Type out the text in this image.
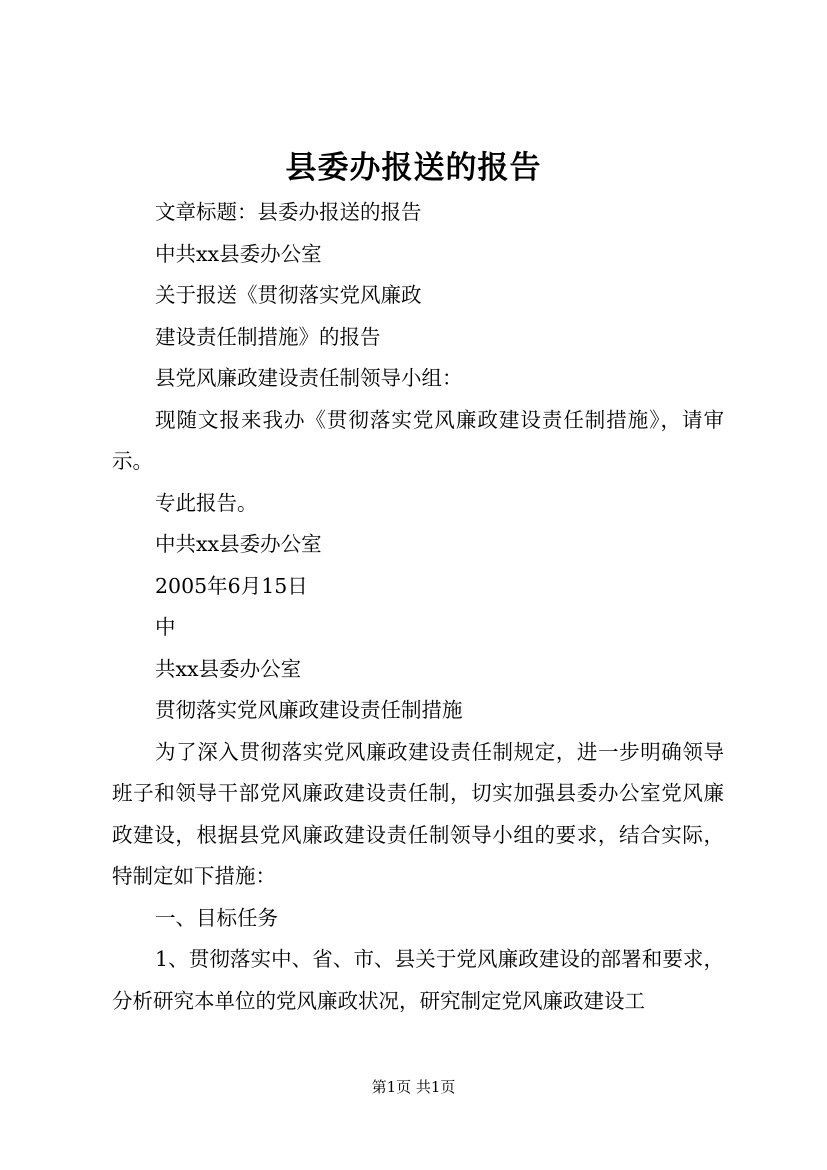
县委办报送的报告

文章标题：县委办报送的报告

中共xx县委办公室

关于报送《贯彻落实党风廉政

建设责任制措施》的报告

县党风廉政建设责任制领导小组：

现随文报来我办《贯彻落实党风廉政建设责任制措施》，请审示。

专此报告。

中共xx县委办公室

2005年6月15日

中

共xx县委办公室

贯彻落实党风廉政建设责任制措施

为了深入贯彻落实党风廉政建设责任制规定，进一步明确领导班子和领导干部党风廉政建设责任制，切实加强县委办公室党风廉政建设，根据县党风廉政建设责任制领导小组的要求，结合实际，特制定如下措施：

一、目标任务

1、贯彻落实中、省、市、县关于党风廉政建设的部署和要求，分析研究本单位的党风廉政状况，研究制定党风廉政建设工

第1页 共1页
